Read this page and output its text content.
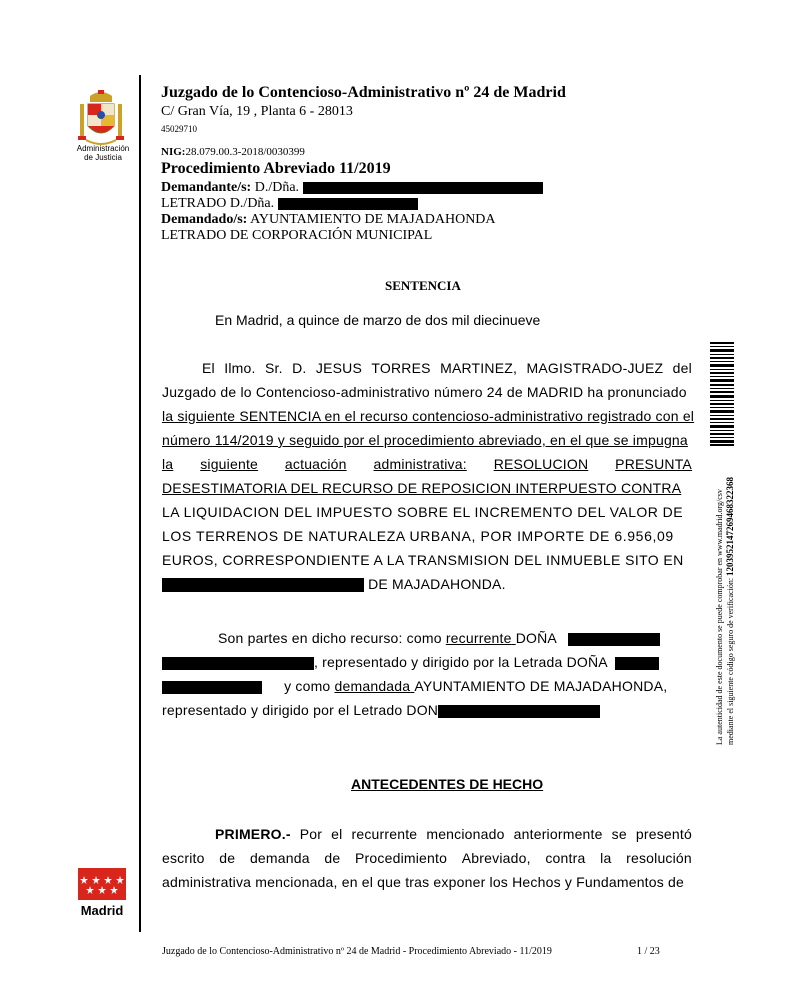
Administración
de Justicia
Madrid
Juzgado de lo Contencioso-Administrativo nº 24 de Madrid
C/ Gran Vía, 19 , Planta 6 - 28013
45029710
NIG:28.079.00.3-2018/0030399
Procedimiento Abreviado 11/2019
Demandante/s: D./Dña.
LETRADO D./Dña.
Demandado/s: AYUNTAMIENTO DE MAJADAHONDA
LETRADO DE CORPORACIÓN MUNICIPAL
SENTENCIA
En Madrid, a quince de marzo de dos mil diecinueve
El Ilmo. Sr. D. JESUS TORRES MARTINEZ, MAGISTRADO-JUEZ del
Juzgado de lo Contencioso-administrativo número 24 de MADRID ha pronunciado
la siguiente SENTENCIA en el recurso contencioso-administrativo registrado con el
número 114/2019 y seguido por el procedimiento abreviado, en el que se impugna
la siguiente actuación administrativa: RESOLUCION PRESUNTA
DESESTIMATORIA DEL RECURSO DE REPOSICION INTERPUESTO CONTRA
LA LIQUIDACION DEL IMPUESTO SOBRE EL INCREMENTO DEL VALOR DE
LOS TERRENOS DE NATURALEZA URBANA, POR IMPORTE DE 6.956,09
EUROS, CORRESPONDIENTE A LA TRANSMISION DEL INMUEBLE SITO EN
DE MAJADAHONDA.
Son partes en dicho recurso: como recurrente DOÑA
, representado y dirigido por la Letrada DOÑA
y como demandada AYUNTAMIENTO DE MAJADAHONDA,
representado y dirigido por el Letrado DON
ANTECEDENTES DE HECHO
PRIMERO.- Por el recurrente mencionado anteriormente se presentó
escrito de demanda de Procedimiento Abreviado, contra la resolución
administrativa mencionada, en el que tras exponer los Hechos y Fundamentos de
La autenticidad de este documento se puede comprobar en www.madrid.org/csv mediante el siguiente código seguro de verificación: 1203952147269468322368
Juzgado de lo Contencioso-Administrativo nº 24 de Madrid - Procedimiento Abreviado - 11/2019	1 / 23
